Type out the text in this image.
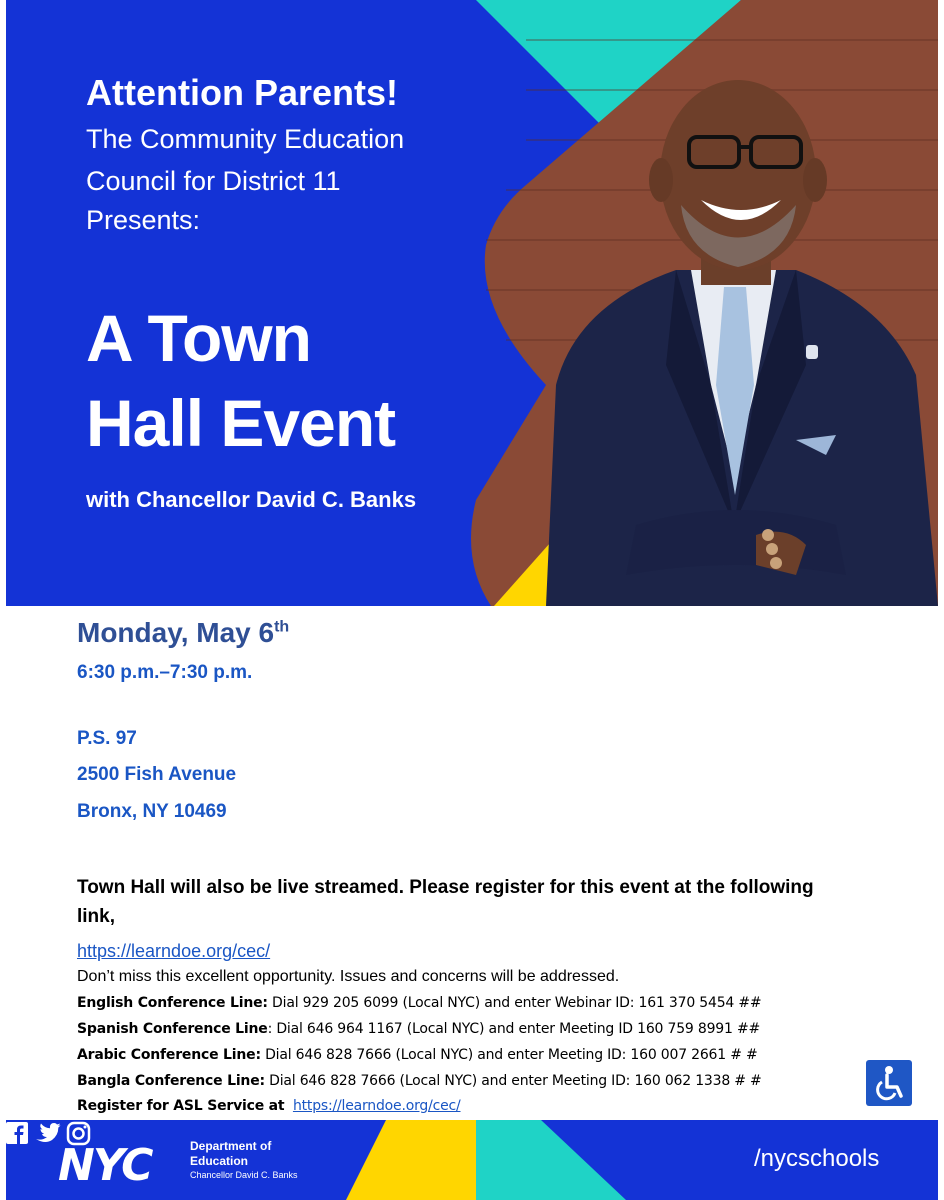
Attention Parents!
The Community Education
Council for District 11
Presents:
A Town
Hall Event
with Chancellor David C. Banks
Monday, May 6th
6:30 p.m.–7:30 p.m.
P.S. 97
2500 Fish Avenue
Bronx, NY 10469
Town Hall will also be live streamed. Please register for this event at the following link,
https://learndoe.org/cec/
Don’t miss this excellent opportunity. Issues and concerns will be addressed.
English Conference Line: Dial 929 205 6099 (Local NYC) and enter Webinar ID: 161 370 5454 ##
Spanish Conference Line: Dial 646 964 1167 (Local NYC) and enter Meeting ID 160 759 8991 ##
Arabic Conference Line: Dial 646 828 7666 (Local NYC) and enter Meeting ID: 160 007 2661 # #
Bangla Conference Line: Dial 646 828 7666 (Local NYC) and enter Meeting ID: 160 062 1338 # #
Register for ASL Service at https://learndoe.org/cec/
NYC	Department of
Education
Chancellor David C. Banks
/nycschools
